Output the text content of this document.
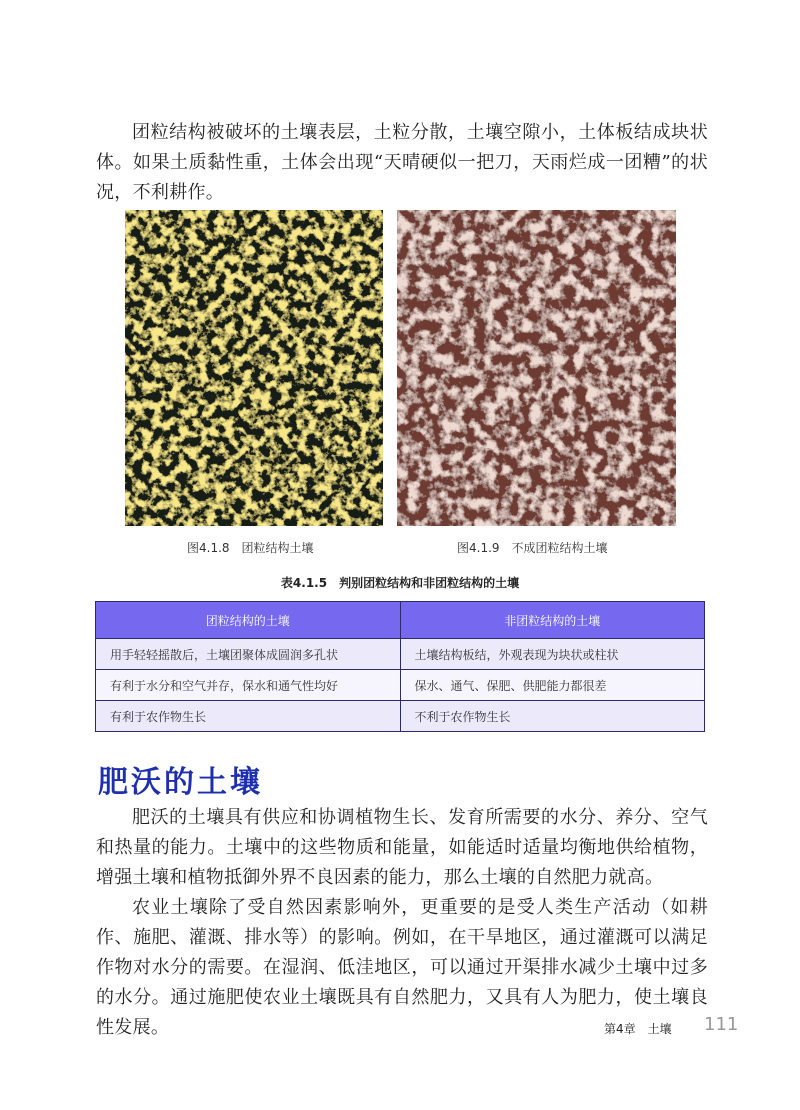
团粒结构被破坏的土壤表层，土粒分散，土壤空隙小，土体板结成块状体。如果土质黏性重，土体会出现“天晴硬似一把刀，天雨烂成一团糟”的状况，不利耕作。

图4.1.8　团粒结构土壤	图4.1.9　不成团粒结构土壤
表4.1.5　判别团粒结构和非团粒结构的土壤
团粒结构的土壤	非团粒结构的土壤
用手轻轻摇散后，土壤团聚体成圆润多孔状	土壤结构板结，外观表现为块状或柱状
有利于水分和空气并存，保水和通气性均好	保水、通气、保肥、供肥能力都很差
有利于农作物生长	不利于农作物生长
肥沃的土壤

肥沃的土壤具有供应和协调植物生长、发育所需要的水分、养分、空气和热量的能力。土壤中的这些物质和能量，如能适时适量均衡地供给植物，增强土壤和植物抵御外界不良因素的能力，那么土壤的自然肥力就高。

农业土壤除了受自然因素影响外，更重要的是受人类生产活动（如耕作、施肥、灌溉、排水等）的影响。例如，在干旱地区，通过灌溉可以满足作物对水分的需要。在湿润、低洼地区，可以通过开渠排水减少土壤中过多的水分。通过施肥使农业土壤既具有自然肥力，又具有人为肥力，使土壤良性发展。	第4章　土壤 111
